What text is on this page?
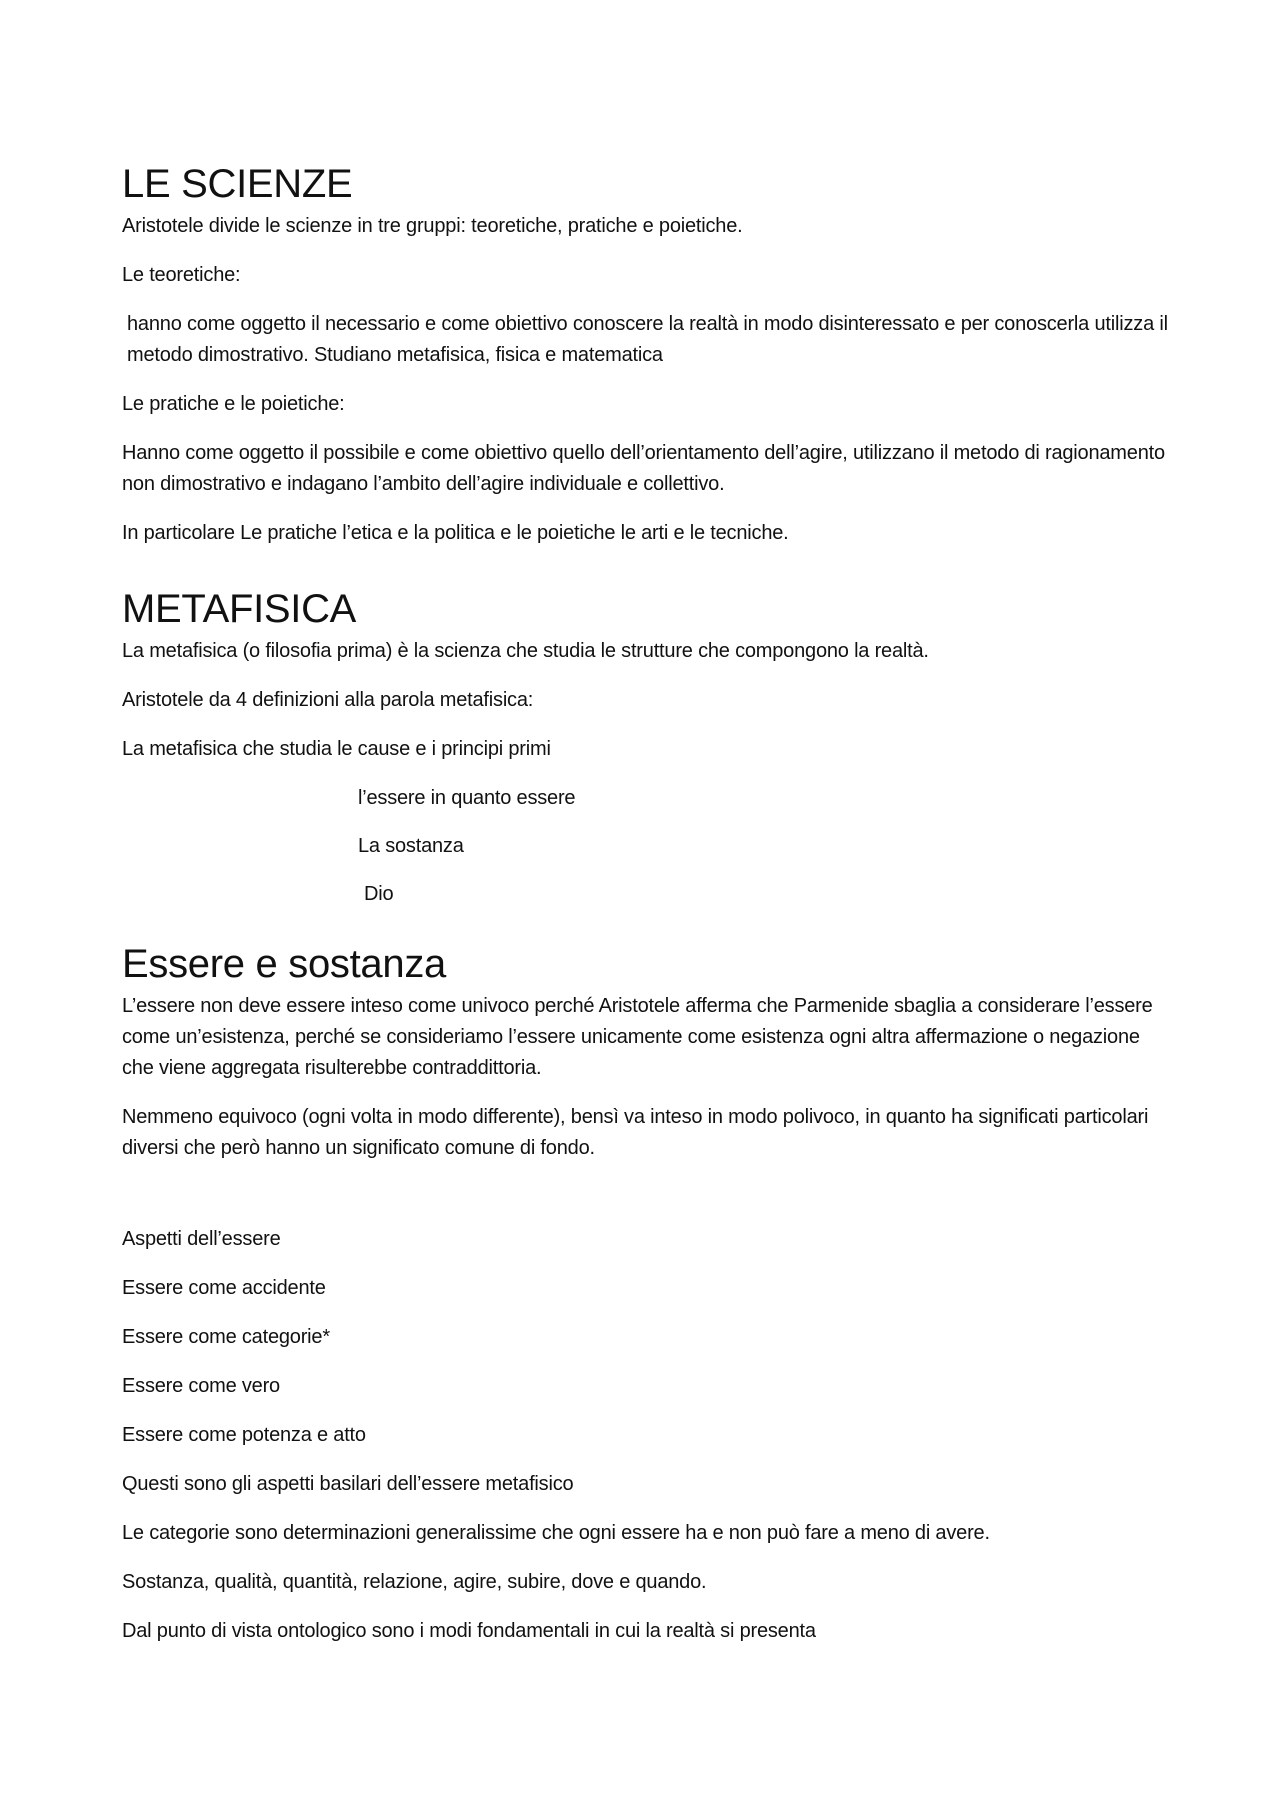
LE SCIENZE

Aristotele divide le scienze in tre gruppi: teoretiche, pratiche e poietiche.

Le teoretiche:

hanno come oggetto il necessario e come obiettivo conoscere la realtà in modo disinteressato e per conoscerla utilizza il metodo dimostrativo. Studiano metafisica, fisica e matematica

Le pratiche e le poietiche:

Hanno come oggetto il possibile e come obiettivo quello dell’orientamento dell’agire, utilizzano il metodo di ragionamento non dimostrativo e indagano l’ambito dell’agire individuale e collettivo.

In particolare Le pratiche l’etica e la politica e le poietiche le arti e le tecniche.

METAFISICA

La metafisica (o filosofia prima) è la scienza che studia le strutture che compongono la realtà.

Aristotele da 4 definizioni alla parola metafisica:

La metafisica che studia le cause e i principi primi

l’essere in quanto essere

La sostanza

Dio

Essere e sostanza

L’essere non deve essere inteso come univoco perché Aristotele afferma che Parmenide sbaglia a considerare l’essere come un’esistenza, perché se consideriamo l’essere unicamente come esistenza ogni altra affermazione o negazione che viene aggregata risulterebbe contraddittoria.

Nemmeno equivoco (ogni volta in modo differente), bensì va inteso in modo polivoco, in quanto ha significati particolari diversi che però hanno un significato comune di fondo.

Aspetti dell’essere

Essere come accidente

Essere come categorie*

Essere come vero

Essere come potenza e atto

Questi sono gli aspetti basilari dell’essere metafisico

Le categorie sono determinazioni generalissime che ogni essere ha e non può fare a meno di avere.

Sostanza, qualità, quantità, relazione, agire, subire, dove e quando.

Dal punto di vista ontologico sono i modi fondamentali in cui la realtà si presenta
